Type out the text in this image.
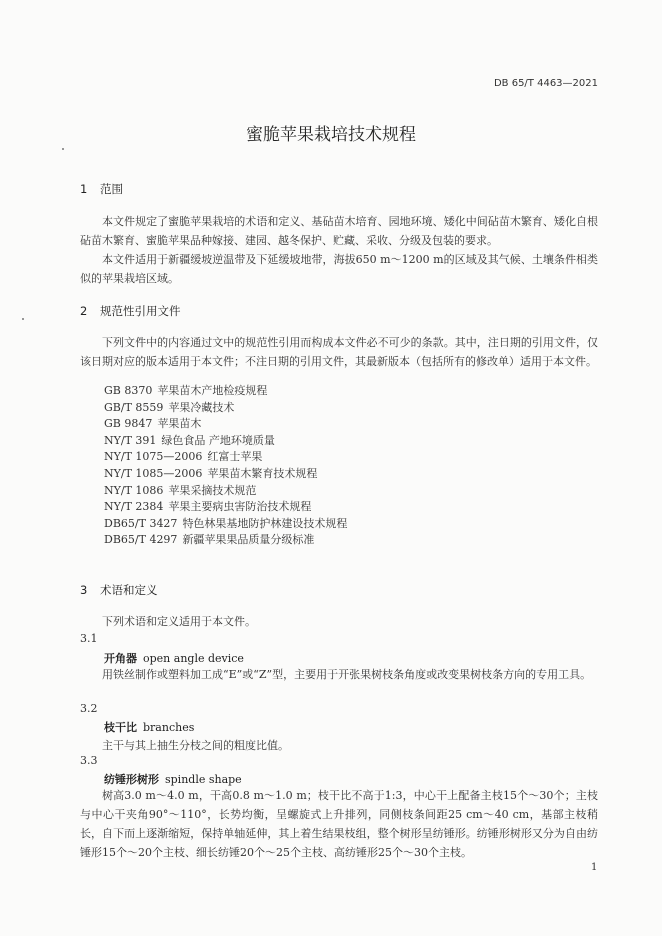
DB 65/T 4463—2021
蜜脆苹果栽培技术规程
1 范围
本文件规定了蜜脆苹果栽培的术语和定义、基砧苗木培育、园地环境、矮化中间砧苗木繁育、矮化自根砧苗木繁育、蜜脆苹果品种嫁接、建园、越冬保护、贮藏、采收、分级及包装的要求。
本文件适用于新疆缓坡逆温带及下延缓坡地带，海拔650 m～1200 m的区域及其气候、土壤条件相类似的苹果栽培区域。
2 规范性引用文件
下列文件中的内容通过文中的规范性引用而构成本文件必不可少的条款。其中，注日期的引用文件，仅该日期对应的版本适用于本文件；不注日期的引用文件，其最新版本（包括所有的修改单）适用于本文件。
GB 8370 苹果苗木产地检疫规程
GB/T 8559 苹果冷藏技术
GB 9847 苹果苗木
NY/T 391 绿色食品 产地环境质量
NY/T 1075—2006 红富士苹果
NY/T 1085—2006 苹果苗木繁育技术规程
NY/T 1086 苹果采摘技术规范
NY/T 2384 苹果主要病虫害防治技术规程
DB65/T 3427 特色林果基地防护林建设技术规程
DB65/T 4297 新疆苹果果品质量分级标准
3 术语和定义
下列术语和定义适用于本文件。
3.1
开角器 open angle device
用铁丝制作或塑料加工成“E”或“Z”型，主要用于开张果树枝条角度或改变果树枝条方向的专用工具。
3.2
枝干比 branches
主干与其上抽生分枝之间的粗度比值。
3.3
纺锤形树形 spindle shape
树高3.0 m～4.0 m，干高0.8 m～1.0 m；枝干比不高于1:3，中心干上配备主枝15个～30个；主枝与中心干夹角90°～110°，长势均衡，呈螺旋式上升排列，同侧枝条间距25 cm～40 cm，基部主枝稍长，自下而上逐渐缩短，保持单轴延伸，其上着生结果枝组，整个树形呈纺锤形。纺锤形树形又分为自由纺锤形15个～20个主枝、细长纺锤20个～25个主枝、高纺锤形25个～30个主枝。
1
